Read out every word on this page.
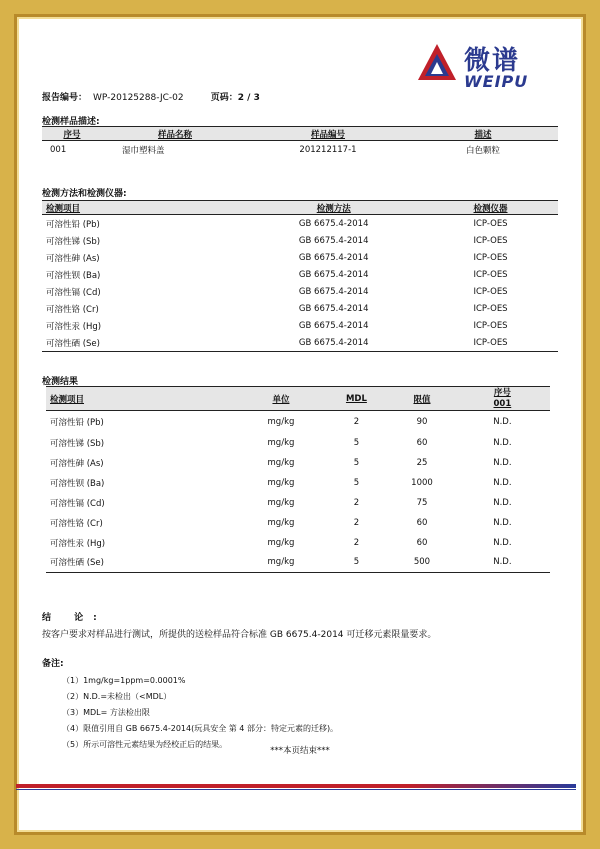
微谱
WEIPU
报告编号： WP-20125288-JC-02	页码：2 / 3
检测样品描述:
序号	样品名称	样品编号	描述
001	湿巾塑料盖	201212117-1	白色颗粒
检测方法和检测仪器:
检测项目	检测方法	检测仪器
可溶性铅 (Pb)	GB 6675.4-2014	ICP-OES
可溶性锑 (Sb)	GB 6675.4-2014	ICP-OES
可溶性砷 (As)	GB 6675.4-2014	ICP-OES
可溶性钡 (Ba)	GB 6675.4-2014	ICP-OES
可溶性镉 (Cd)	GB 6675.4-2014	ICP-OES
可溶性铬 (Cr)	GB 6675.4-2014	ICP-OES
可溶性汞 (Hg)	GB 6675.4-2014	ICP-OES
可溶性硒 (Se)	GB 6675.4-2014	ICP-OES
检测结果
检测项目	单位	MDL	限值	序号
001

可溶性铅 (Pb)	mg/kg	2	90	N.D.
可溶性锑 (Sb)	mg/kg	5	60	N.D.
可溶性砷 (As)	mg/kg	5	25	N.D.
可溶性钡 (Ba)	mg/kg	5	1000	N.D.
可溶性镉 (Cd)	mg/kg	2	75	N.D.
可溶性铬 (Cr)	mg/kg	2	60	N.D.
可溶性汞 (Hg)	mg/kg	2	60	N.D.
可溶性硒 (Se)	mg/kg	5	500	N.D.
结 论:
按客户要求对样品进行测试，所提供的送检样品符合标准 GB 6675.4-2014 可迁移元素限量要求。
备注:
（1）1mg/kg=1ppm=0.0001%
（2）N.D.=未检出（<MDL）
（3）MDL= 方法检出限
（4）限值引用自 GB 6675.4-2014(玩具安全 第 4 部分：特定元素的迁移)。
（5）所示可溶性元素结果为经校正后的结果。
***本页结束***
